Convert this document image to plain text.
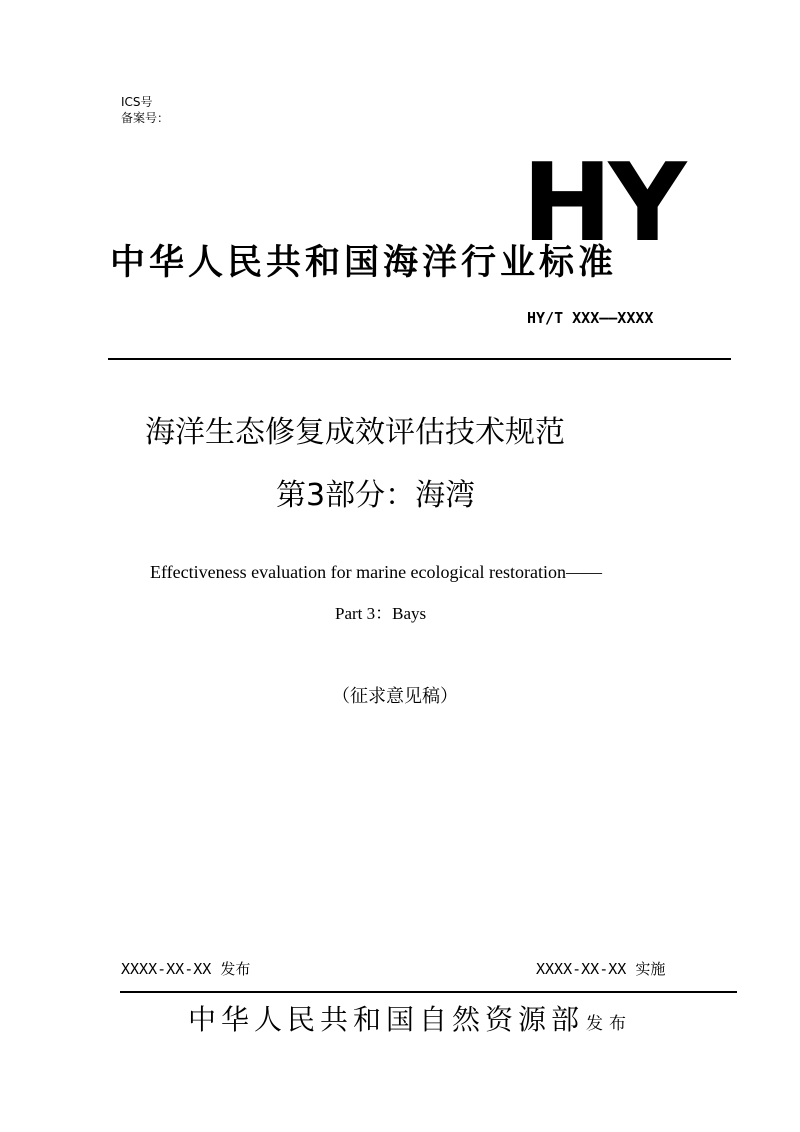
ICS号
备案号：
HY
中华人民共和国海洋行业标准
HY/T XXX——XXXX
海洋生态修复成效评估技术规范
第3部分：海湾
Effectiveness evaluation for marine ecological restoration——
Part 3：Bays
（征求意见稿）
XXXX-XX-XX 发布	XXXX-XX-XX 实施
中华人民共和国自然资源部 发布
